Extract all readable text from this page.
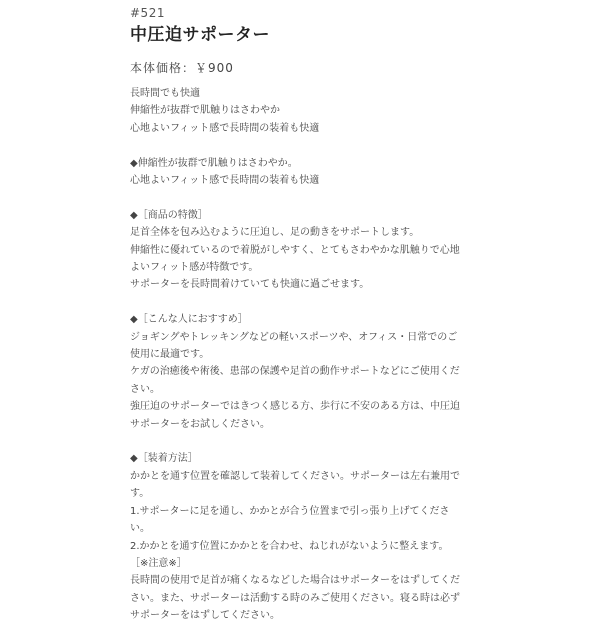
#521
中圧迫サポーター
本体価格：￥900

長時間でも快適
伸縮性が抜群で肌触りはさわやか
心地よいフィット感で長時間の装着も快適

◆伸縮性が抜群で肌触りはさわやか。
心地よいフィット感で長時間の装着も快適

◆［商品の特徴］
足首全体を包み込むように圧迫し、足の動きをサポートします。
伸縮性に優れているので着脱がしやすく、とてもさわやかな肌触りで心地
よいフィット感が特徴です。
サポーターを長時間着けていても快適に過ごせます。

◆［こんな人におすすめ］
ジョギングやトレッキングなどの軽いスポーツや、オフィス・日常でのご
使用に最適です。
ケガの治癒後や術後、患部の保護や足首の動作サポートなどにご使用くだ
さい。
強圧迫のサポーターではきつく感じる方、歩行に不安のある方は、中圧迫
サポーターをお試しください。

◆［装着方法］
かかとを通す位置を確認して装着してください。サポーターは左右兼用で
す。
1.サポーターに足を通し、かかとが合う位置まで引っ張り上げてくださ
い。
2.かかとを通す位置にかかとを合わせ、ねじれがないように整えます。
［※注意※］
長時間の使用で足首が痛くなるなどした場合はサポーターをはずしてくだ
さい。また、サポーターは活動する時のみご使用ください。寝る時は必ず
サポーターをはずしてください。
